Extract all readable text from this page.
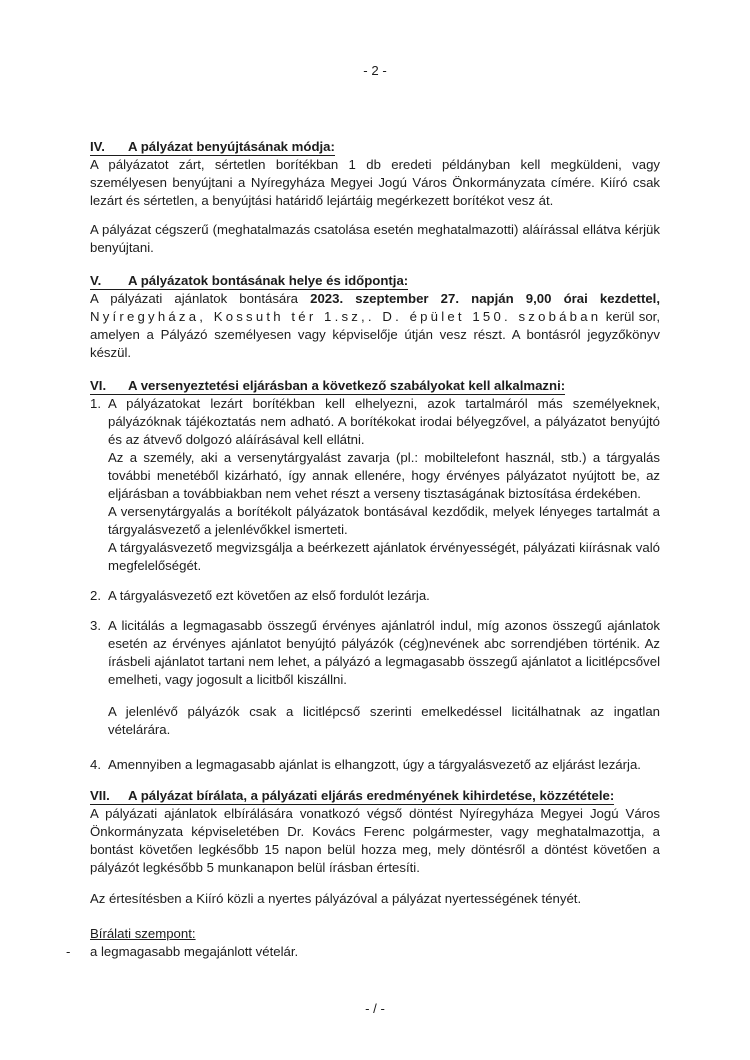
- 2 -

IV. A pályázat benyújtásának módja:

A pályázatot zárt, sértetlen borítékban 1 db eredeti példányban kell megküldeni, vagy személyesen benyújtani a Nyíregyháza Megyei Jogú Város Önkormányzata címére. Kiíró csak lezárt és sértetlen, a benyújtási határidő lejártáig megérkezett borítékot vesz át.

A pályázat cégszerű (meghatalmazás csatolása esetén meghatalmazotti) aláírással ellátva kérjük benyújtani.

V. A pályázatok bontásának helye és időpontja:

A pályázati ajánlatok bontására 2023. szeptember 27. napján 9,00 órai kezdettel, Nyíregyháza, Kossuth tér 1.sz,. D. épület 150. szobában kerül sor, amelyen a Pályázó személyesen vagy képviselője útján vesz részt. A bontásról jegyzőkönyv készül.

VI. A versenyeztetési eljárásban a következő szabályokat kell alkalmazni:

1. A pályázatokat lezárt borítékban kell elhelyezni, azok tartalmáról más személyeknek, pályázóknak tájékoztatás nem adható. A borítékokat irodai bélyegzővel, a pályázatot benyújtó és az átvevő dolgozó aláírásával kell ellátni.

Az a személy, aki a versenytárgyalást zavarja (pl.: mobiltelefont használ, stb.) a tárgyalás további menetéből kizárható, így annak ellenére, hogy érvényes pályázatot nyújtott be, az eljárásban a továbbiakban nem vehet részt a verseny tisztaságának biztosítása érdekében.

A versenytárgyalás a borítékolt pályázatok bontásával kezdődik, melyek lényeges tartalmát a tárgyalásvezető a jelenlévőkkel ismerteti.

A tárgyalásvezető megvizsgálja a beérkezett ajánlatok érvényességét, pályázati kiírásnak való megfelelőségét.

2. A tárgyalásvezető ezt követően az első fordulót lezárja.

3. A licitálás a legmagasabb összegű érvényes ajánlatról indul, míg azonos összegű ajánlatok esetén az érvényes ajánlatot benyújtó pályázók (cég)nevének abc sorrendjében történik. Az írásbeli ajánlatot tartani nem lehet, a pályázó a legmagasabb összegű ajánlatot a licitlépcsővel emelheti, vagy jogosult a licitből kiszállni.

A jelenlévő pályázók csak a licitlépcső szerinti emelkedéssel licitálhatnak az ingatlan vételárára.

4. Amennyiben a legmagasabb ajánlat is elhangzott, úgy a tárgyalásvezető az eljárást lezárja.

VII. A pályázat bírálata, a pályázati eljárás eredményének kihirdetése, közzététele:

A pályázati ajánlatok elbírálására vonatkozó végső döntést Nyíregyháza Megyei Jogú Város Önkormányzata képviseletében Dr. Kovács Ferenc polgármester, vagy meghatalmazottja, a bontást követően legkésőbb 15 napon belül hozza meg, mely döntésről a döntést követően a pályázót legkésőbb 5 munkanapon belül írásban értesíti.

Az értesítésben a Kiíró közli a nyertes pályázóval a pályázat nyertességének tényét.

Bírálati szempont:

- a legmagasabb megajánlott vételár.
- / -
